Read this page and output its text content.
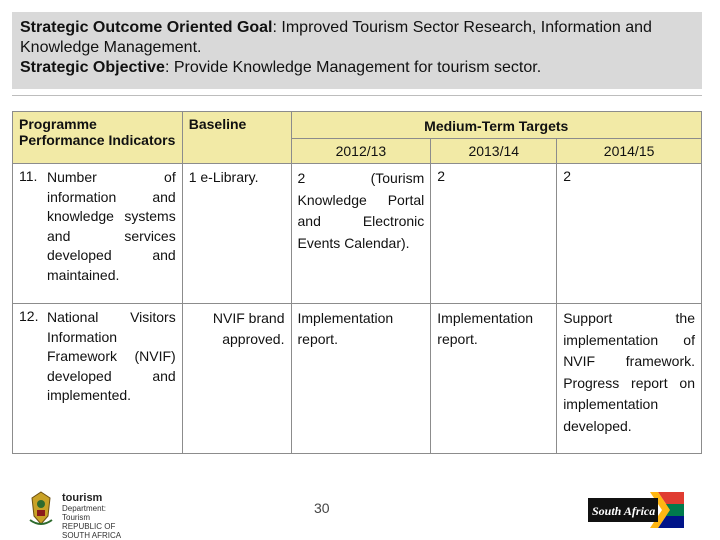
Strategic Outcome Oriented Goal: Improved Tourism Sector Research, Information and Knowledge Management.
Strategic Objective: Provide Knowledge Management for tourism sector.
Programme Performance Indicators	Baseline	Medium-Term Targets		
		2012/13	2013/14	2014/15

11. Number of information and knowledge systems and services developed and maintained.	1 e-Library.	2 (Tourism Knowledge Portal and Electronic Events Calendar).	2	2

12. National Visitors Information Framework (NVIF) developed and implemented.	NVIF brand approved.	Implementation report.	Implementation report.	Support the implementation of NVIF framework. Progress report on implementation developed.
tourism
Department:
Tourism
REPUBLIC OF SOUTH AFRICA
30	South Africa
